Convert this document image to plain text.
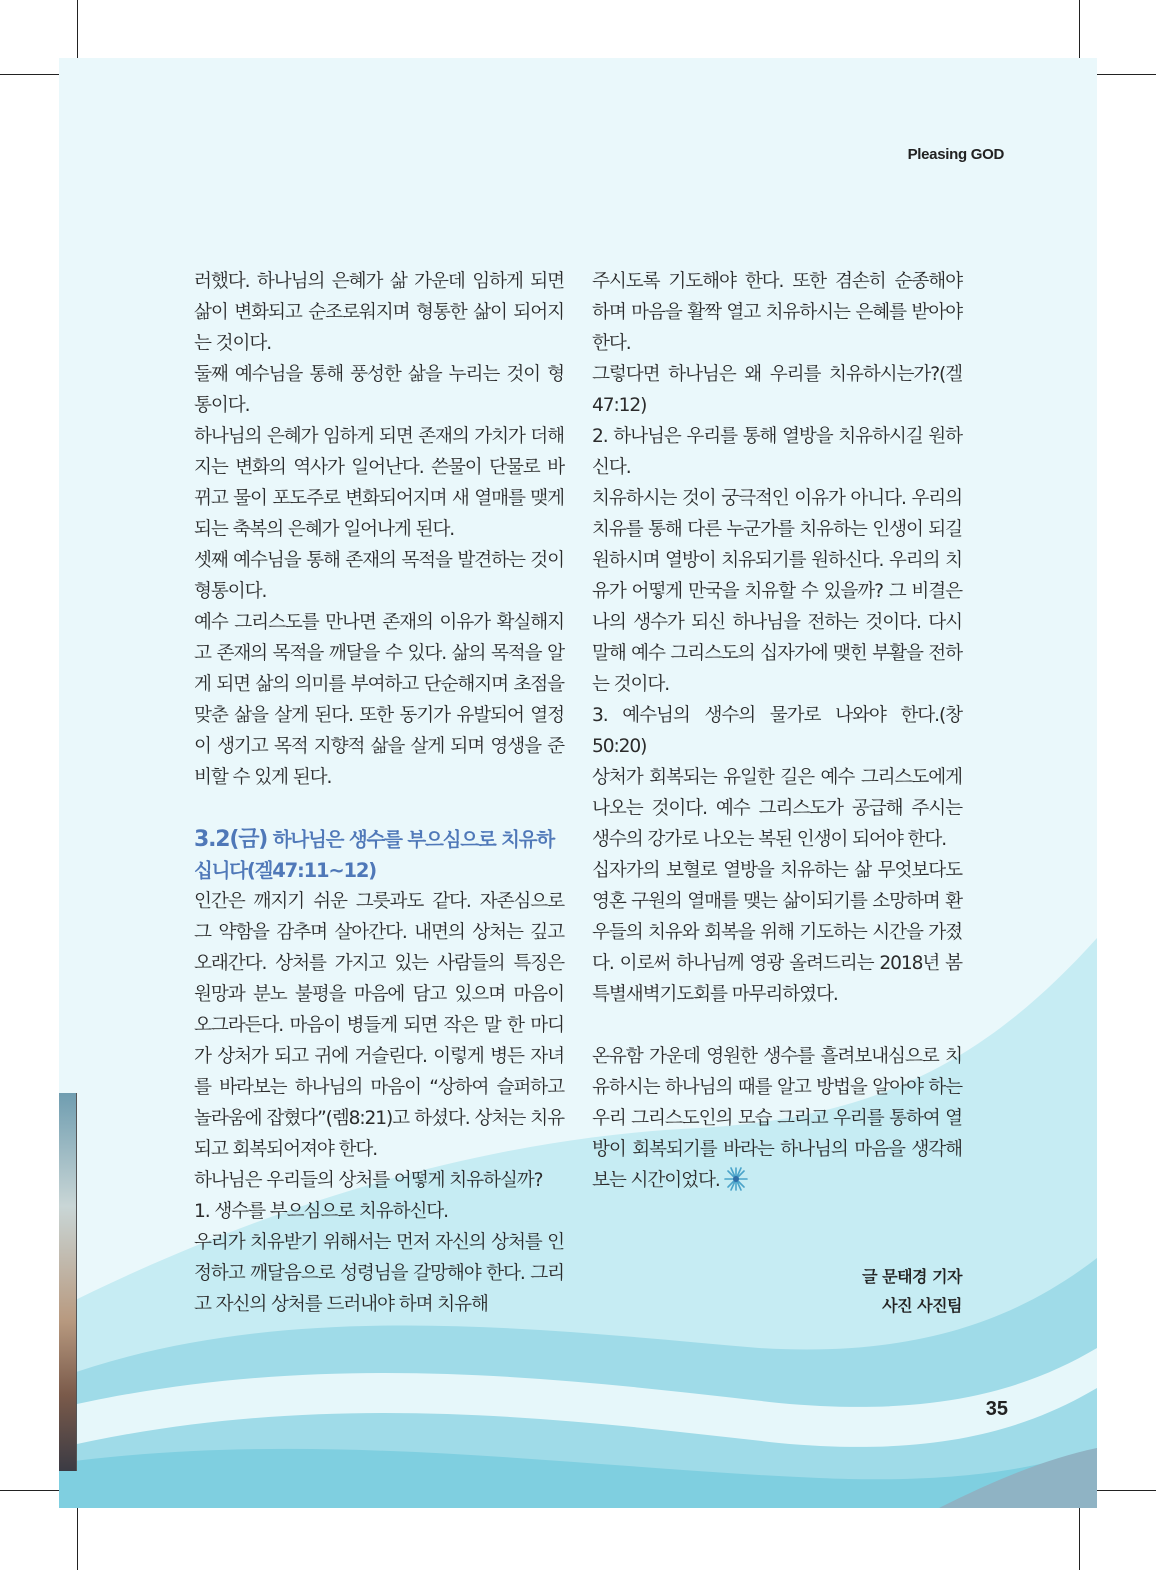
Pleasing GOD

러했다. 하나님의 은혜가 삶 가운데 임하게 되면 삶이 변화되고 순조로워지며 형통한 삶이 되어지는 것이다.

둘째 예수님을 통해 풍성한 삶을 누리는 것이 형통이다.

하나님의 은혜가 임하게 되면 존재의 가치가 더해지는 변화의 역사가 일어난다. 쓴물이 단물로 바뀌고 물이 포도주로 변화되어지며 새 열매를 맺게 되는 축복의 은혜가 일어나게 된다.

셋째 예수님을 통해 존재의 목적을 발견하는 것이 형통이다.

예수 그리스도를 만나면 존재의 이유가 확실해지고 존재의 목적을 깨달을 수 있다. 삶의 목적을 알게 되면 삶의 의미를 부여하고 단순해지며 초점을 맞춘 삶을 살게 된다. 또한 동기가 유발되어 열정이 생기고 목적 지향적 삶을 살게 되며 영생을 준비할 수 있게 된다.

3.2(금) 하나님은 생수를 부으심으로 치유하십니다(겔47:11~12)

인간은 깨지기 쉬운 그릇과도 같다. 자존심으로 그 약함을 감추며 살아간다. 내면의 상처는 깊고 오래간다. 상처를 가지고 있는 사람들의 특징은 원망과 분노 불평을 마음에 담고 있으며 마음이 오그라든다. 마음이 병들게 되면 작은 말 한 마디가 상처가 되고 귀에 거슬린다. 이렇게 병든 자녀를 바라보는 하나님의 마음이 “상하여 슬퍼하고 놀라움에 잡혔다”(렘8:21)고 하셨다. 상처는 치유되고 회복되어져야 한다.

하나님은 우리들의 상처를 어떻게 치유하실까?

1. 생수를 부으심으로 치유하신다.

우리가 치유받기 위해서는 먼저 자신의 상처를 인정하고 깨달음으로 성령님을 갈망해야 한다. 그리고 자신의 상처를 드러내야 하며 치유해

주시도록 기도해야 한다. 또한 겸손히 순종해야 하며 마음을 활짝 열고 치유하시는 은혜를 받아야 한다.

그렇다면 하나님은 왜 우리를 치유하시는가?(겔47:12)

2. 하나님은 우리를 통해 열방을 치유하시길 원하신다.

치유하시는 것이 궁극적인 이유가 아니다. 우리의 치유를 통해 다른 누군가를 치유하는 인생이 되길 원하시며 열방이 치유되기를 원하신다. 우리의 치유가 어떻게 만국을 치유할 수 있을까? 그 비결은 나의 생수가 되신 하나님을 전하는 것이다. 다시 말해 예수 그리스도의 십자가에 맺힌 부활을 전하는 것이다.

3. 예수님의 생수의 물가로 나와야 한다.(창50:20)

상처가 회복되는 유일한 길은 예수 그리스도에게 나오는 것이다. 예수 그리스도가 공급해 주시는 생수의 강가로 나오는 복된 인생이 되어야 한다.

십자가의 보혈로 열방을 치유하는 삶 무엇보다도 영혼 구원의 열매를 맺는 삶이되기를 소망하며 환우들의 치유와 회복을 위해 기도하는 시간을 가졌다. 이로써 하나님께 영광 올려드리는 2018년 봄 특별새벽기도회를 마무리하였다.

온유함 가운데 영원한 생수를 흘려보내심으로 치유하시는 하나님의 때를 알고 방법을 알아야 하는 우리 그리스도인의 모습 그리고 우리를 통하여 열방이 회복되기를 바라는 하나님의 마음을 생각해 보는 시간이었다.

글 문태경 기자
사진 사진팀
35
